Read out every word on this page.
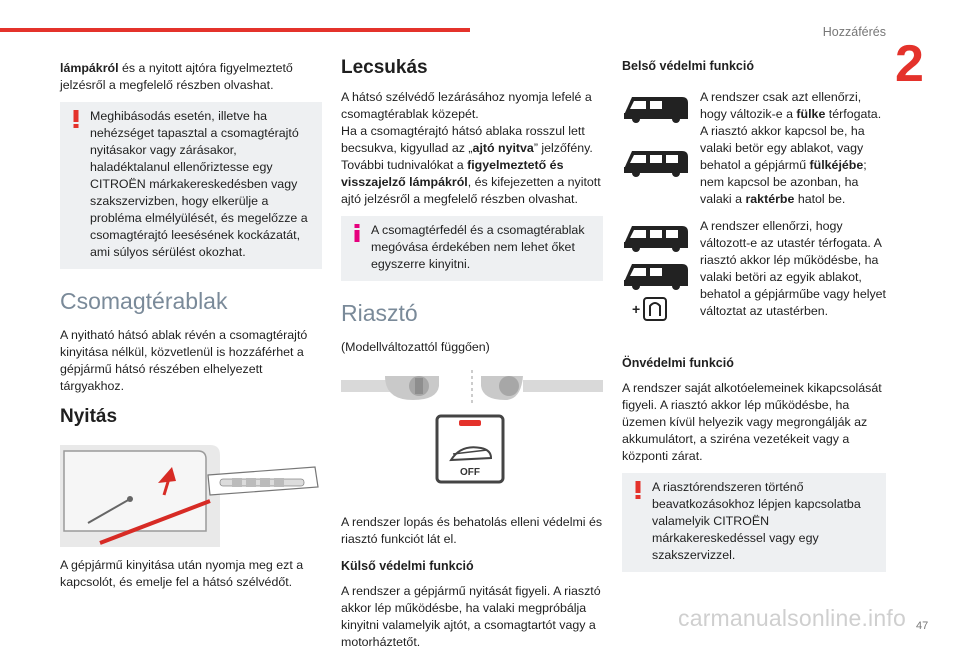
Hozzáférés
2

lámpákról és a nyitott ajtóra figyelmeztető jelzésről a megfelelő részben olvashat.

Meghibásodás esetén, illetve ha nehézséget tapasztal a csomagtérajtó nyitásakor vagy zárásakor, haladéktalanul ellenőriztesse egy CITROËN márkakereskedésben vagy szakszervizben, hogy elkerülje a probléma elmélyülését, és megelőzze a csomagtérajtó leesésének kockázatát, ami súlyos sérülést okozhat.
Csomagtérablak

A nyitható hátsó ablak révén a csomagtérajtó kinyitása nélkül, közvetlenül is hozzáférhet a gépjármű hátsó részében elhelyezett tárgyakhoz.

Nyitás

A gépjármű kinyitása után nyomja meg ezt a kapcsolót, és emelje fel a hátsó szélvédőt.

Lecsukás

A hátsó szélvédő lezárásához nyomja lefelé a csomagtérablak közepét.

Ha a csomagtérajtó hátsó ablaka rosszul lett becsukva, kigyullad az „ajtó nyitva” jelzőfény.

További tudnivalókat a figyelmeztető és visszajelző lámpákról, és kifejezetten a nyitott ajtó jelzésről a megfelelő részben olvashat.

A csomagtérfedél és a csomagtérablak megóvása érdekében nem lehet őket egyszerre kinyitni.
Riasztó

(Modellváltozattól függően)

OFF

A rendszer lopás és behatolás elleni védelmi és riasztó funkciót lát el.

Külső védelmi funkció

A rendszer a gépjármű nyitását figyeli. A riasztó akkor lép működésbe, ha valaki megpróbálja kinyitni valamelyik ajtót, a csomagtartót vagy a motorháztetőt.

Belső védelmi funkció
A rendszer csak azt ellenőrzi, hogy változik-e a fülke térfogata. A riasztó akkor kapcsol be, ha valaki betör egy ablakot, vagy behatol a gépjármű fülkéjébe; nem kapcsol be azonban, ha valaki a raktérbe hatol be.
+
A rendszer ellenőrzi, hogy változott-e az utastér térfogata. A riasztó akkor lép működésbe, ha valaki betöri az egyik ablakot, behatol a gépjárműbe vagy helyet változtat az utastérben.
Önvédelmi funkció

A rendszer saját alkotóelemeinek kikapcsolását figyeli. A riasztó akkor lép működésbe, ha üzemen kívül helyezik vagy megrongálják az akkumulátort, a sziréna vezetékeit vagy a központi zárat.

A riasztórendszeren történő beavatkozásokhoz lépjen kapcsolatba valamelyik CITROËN márkakereskedéssel vagy egy szakszervizzel.
carmanualsonline.info 47
